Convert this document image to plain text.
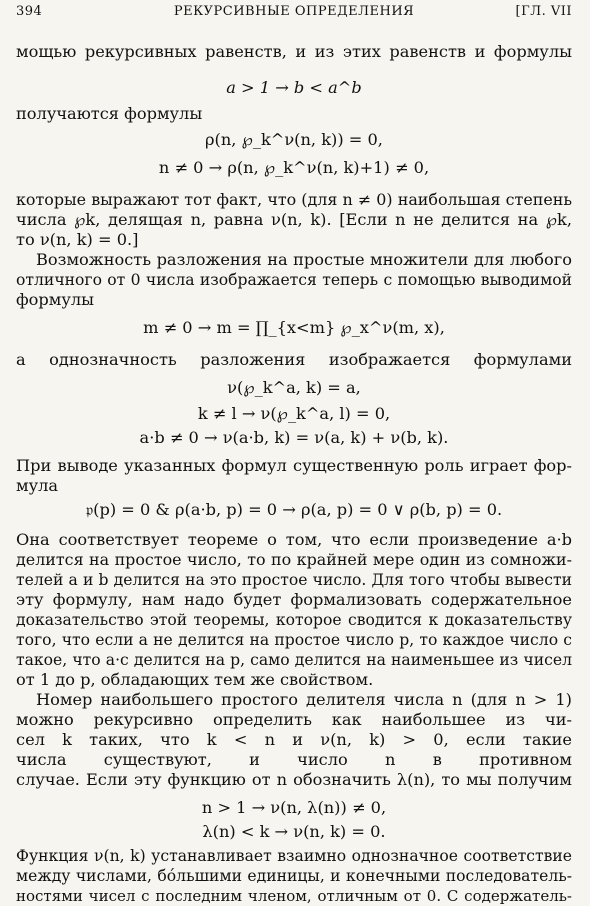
394	РЕКУРСИВНЫЕ ОПРЕДЕЛЕНИЯ	[ГЛ. VII
мощью рекурсивных равенств, и из этих равенств и формулы
a > 1 → b < a^b
получаются формулы
ρ(n, ℘_k^ν(n, k)) = 0,
n ≠ 0 → ρ(n, ℘_k^ν(n, k)+1) ≠ 0,
которые выражают тот факт, что (для n ≠ 0) наибольшая степень
числа ℘k, делящая n, равна ν(n, k). [Если n не делится на ℘k,
то ν(n, k) = 0.]
Возможность разложения на простые множители для любого
отличного от 0 числа изображается теперь с помощью выводимой
формулы
m ≠ 0 → m = ∏_{x<m} ℘_x^ν(m, x),
а однозначность разложения изображается формулами
ν(℘_k^a, k) = a,
k ≠ l → ν(℘_k^a, l) = 0,
a·b ≠ 0 → ν(a·b, k) = ν(a, k) + ν(b, k).
При выводе указанных формул существенную роль играет фор-
мула
𝔭(p) = 0 & ρ(a·b, p) = 0 → ρ(a, p) = 0 ∨ ρ(b, p) = 0.
Она соответствует теореме о том, что если произведение a·b
делится на простое число, то по крайней мере один из сомножи-
телей a и b делится на это простое число. Для того чтобы вывести
эту формулу, нам надо будет формализовать содержательное
доказательство этой теоремы, которое сводится к доказательству
того, что если a не делится на простое число p, то каждое число c
такое, что a·c делится на p, само делится на наименьшее из чисел
от 1 до p, обладающих тем же свойством.
Номер наибольшего простого делителя числа n (для n > 1)
можно рекурсивно определить как наибольшее из чи-
сел k таких, что k < n и ν(n, k) > 0, если такие
числа существуют, и число n в противном
случае. Если эту функцию от n обозначить λ(n), то мы получим
n > 1 → ν(n, λ(n)) ≠ 0,
λ(n) < k → ν(n, k) = 0.
Функция ν(n, k) устанавливает взаимно однозначное соответствие
между числами, бо́льшими единицы, и конечными последователь-
ностями чисел с последним членом, отличным от 0. С содержатель-
